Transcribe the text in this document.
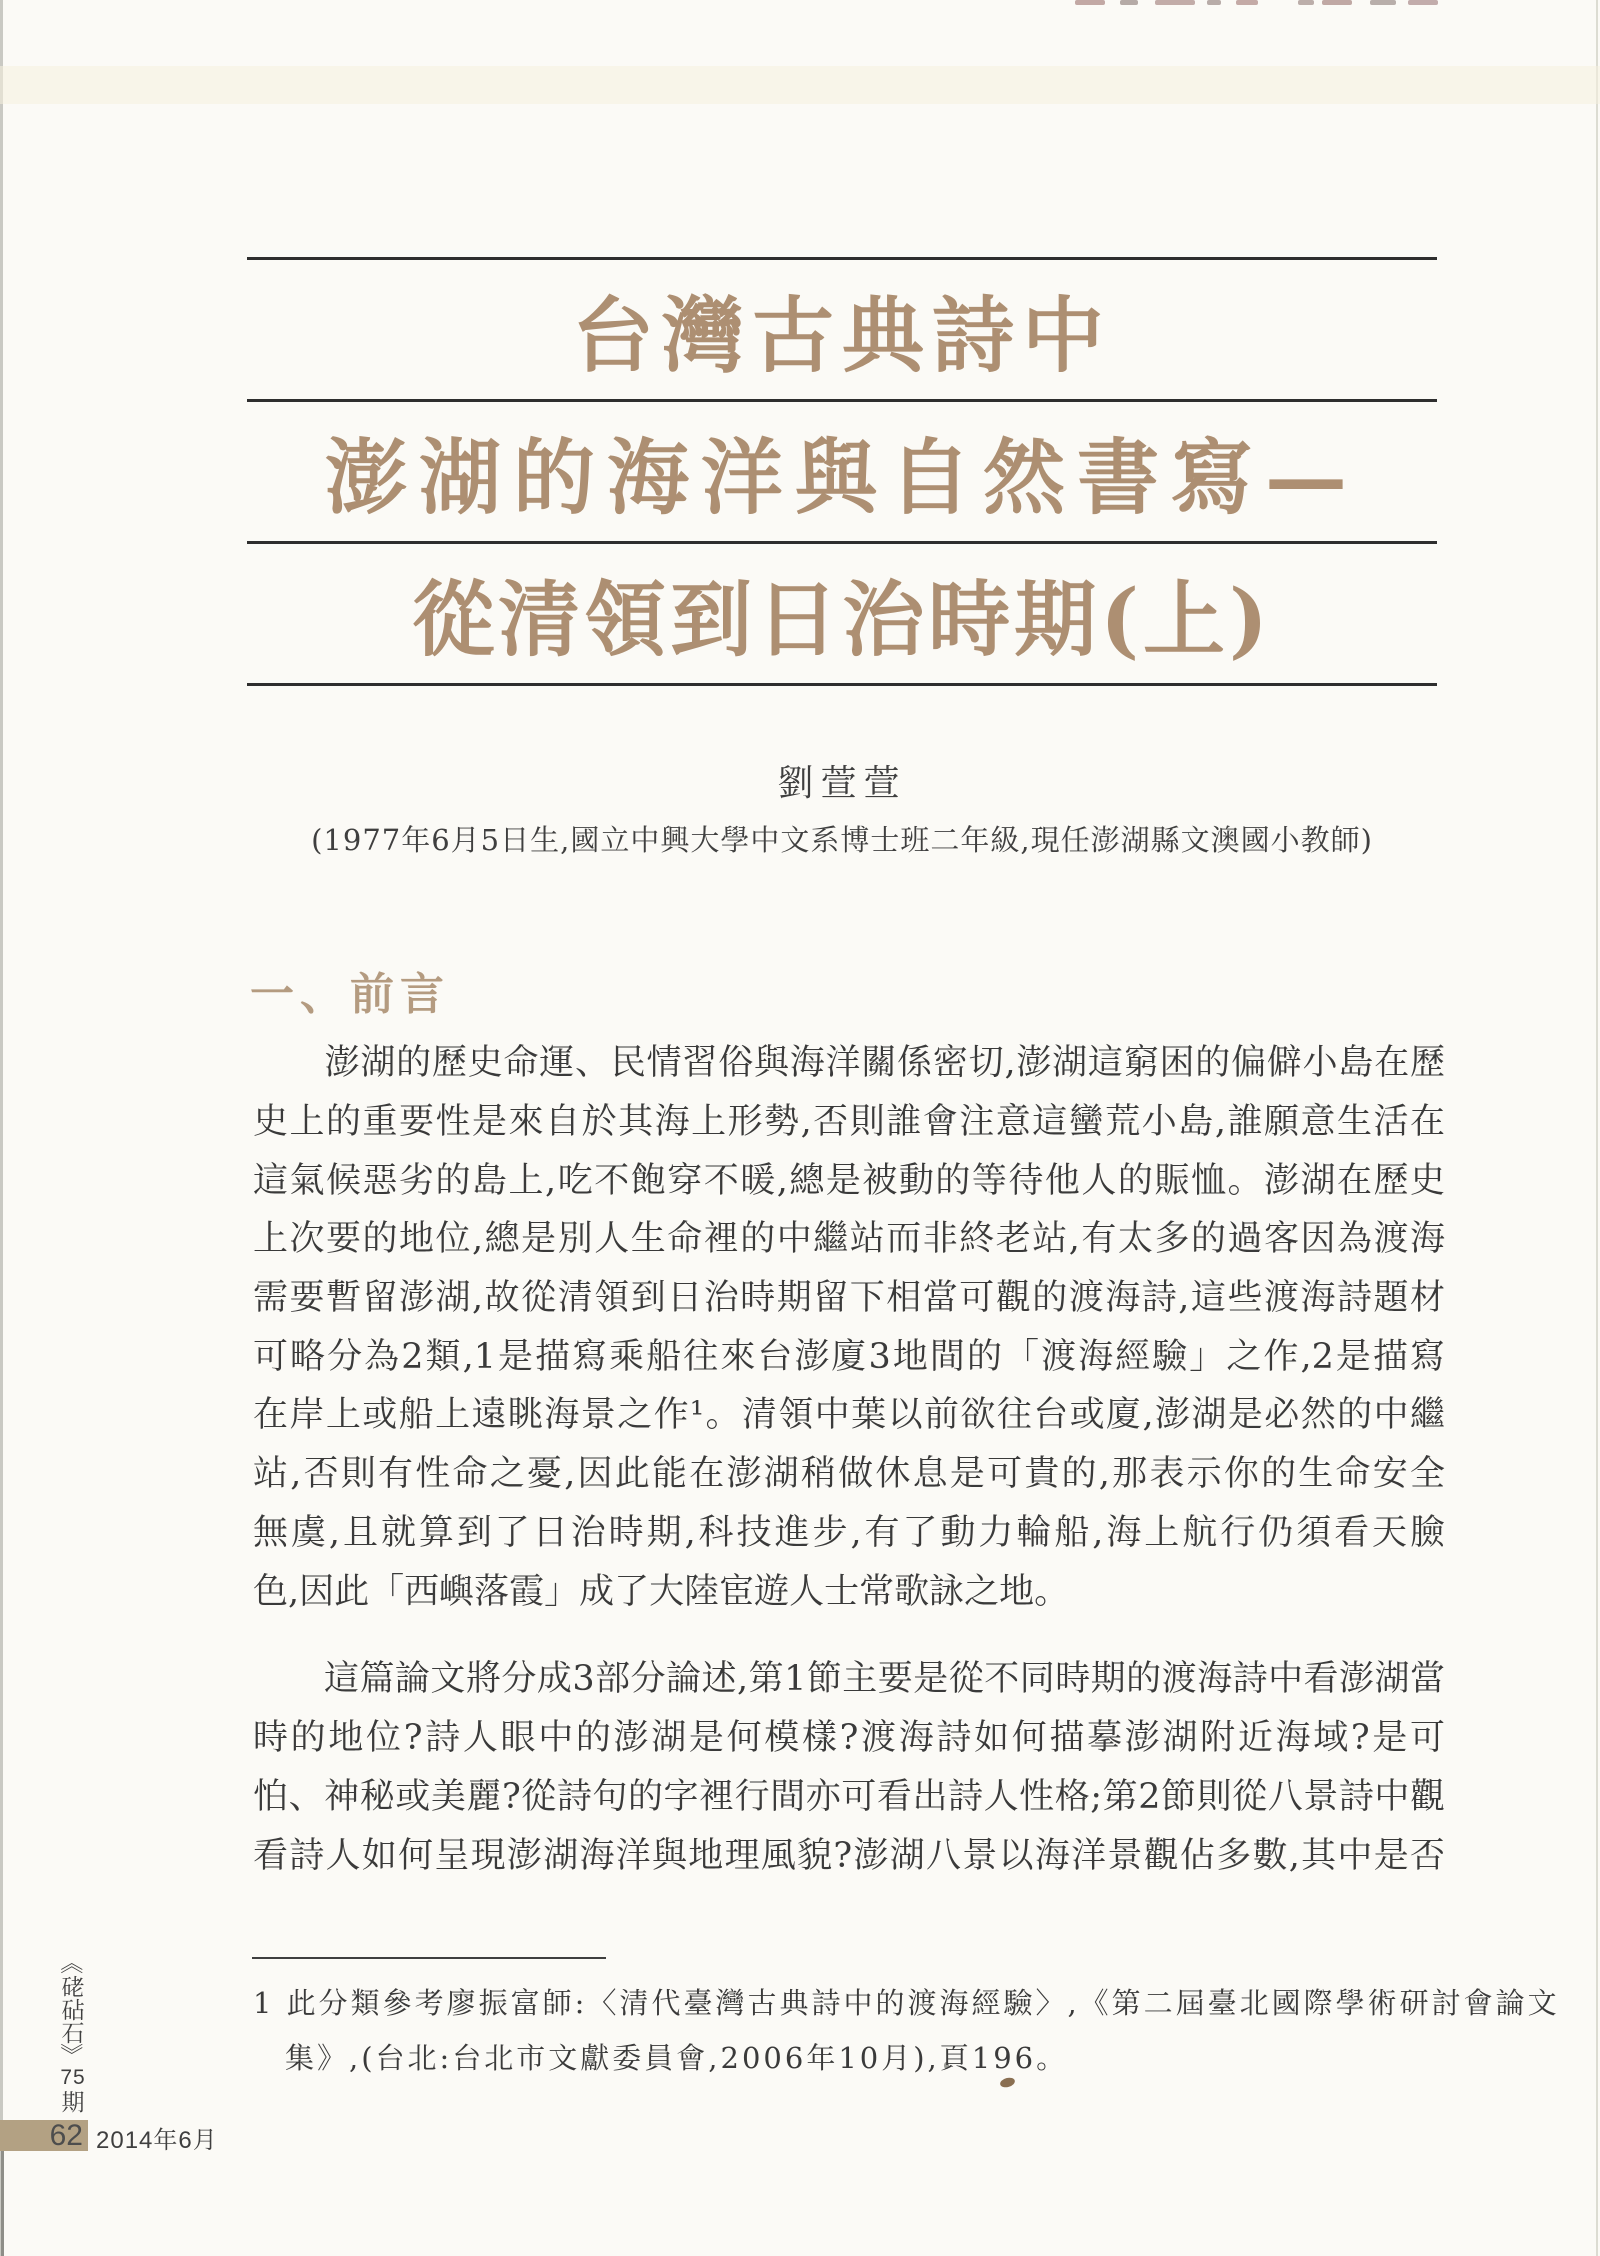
台灣古典詩中
澎湖的海洋與自然書寫—
從清領到日治時期(上)
劉萱萱
(1977年6月5日生,國立中興大學中文系博士班二年級,現任澎湖縣文澳國小教師)
一、前言
　　澎湖的歷史命運、民情習俗與海洋關係密切,澎湖這窮困的偏僻小島在歷
史上的重要性是來自於其海上形勢,否則誰會注意這蠻荒小島,誰願意生活在
這氣候惡劣的島上,吃不飽穿不暖,總是被動的等待他人的賑恤。澎湖在歷史
上次要的地位,總是別人生命裡的中繼站而非終老站,有太多的過客因為渡海
需要暫留澎湖,故從清領到日治時期留下相當可觀的渡海詩,這些渡海詩題材
可略分為2類,1是描寫乘船往來台澎廈3地間的「渡海經驗」之作,2是描寫
在岸上或船上遠眺海景之作¹。清領中葉以前欲往台或廈,澎湖是必然的中繼
站,否則有性命之憂,因此能在澎湖稍做休息是可貴的,那表示你的生命安全
無虞,且就算到了日治時期,科技進步,有了動力輪船,海上航行仍須看天臉
色,因此「西嶼落霞」成了大陸宦遊人士常歌詠之地。
　　這篇論文將分成3部分論述,第1節主要是從不同時期的渡海詩中看澎湖當
時的地位?詩人眼中的澎湖是何模樣?渡海詩如何描摹澎湖附近海域?是可
怕、神秘或美麗?從詩句的字裡行間亦可看出詩人性格;第2節則從八景詩中觀
看詩人如何呈現澎湖海洋與地理風貌?澎湖八景以海洋景觀佔多數,其中是否
1 此分類參考廖振富師:〈清代臺灣古典詩中的渡海經驗〉,《第二屆臺北國際學術研討會論文
集》,(台北:台北市文獻委員會,2006年10月),頁196。
《
硓
砧
石
》
75
期
62 2014年6月
